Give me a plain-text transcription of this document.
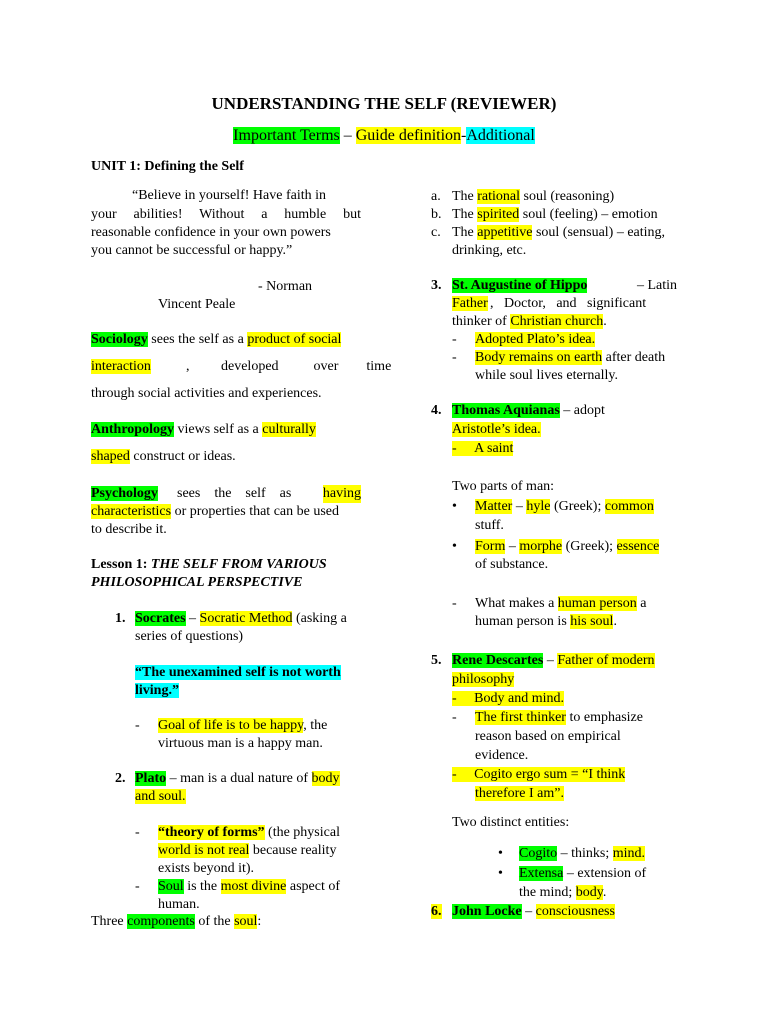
UNDERSTANDING THE SELF (REVIEWER)
Important Terms – Guide definition-Additional
UNIT 1: Defining the Self
“Believe in yourself! Have faith in
your abilities! Without a humble but
reasonable confidence in your own powers
you cannot be successful or happy.”
- Norman
Vincent Peale
Sociology sees the self as a product of social
interaction	,         developed          over        time
through social activities and experiences.
Anthropology views self as a culturally
shaped construct or ideas.
Psychology sees    the    self    as having
characteristics or properties that can be used
to describe it.
Lesson 1: THE SELF FROM VARIOUS
PHILOSOPHICAL PERSPECTIVE
1. Socrates – Socratic Method (asking a
series of questions)
“The unexamined self is not worth
living.”
- Goal of life is to be happy, the
virtuous man is a happy man.
2. Plato – man is a dual nature of body
and soul.
- “theory of forms” (the physical
world is not real because reality
exists beyond it).
- Soul is the most divine aspect of
human.
Three components of the soul:
a. The rational soul (reasoning)
b. The spirited soul (feeling) – emotion
c. The appetitive soul (sensual) – eating,
drinking, etc.
3. St. Augustine of Hippo	– Latin
Father ,   Doctor,   and   significant
thinker of Christian church.
- Adopted Plato’s idea.
- Body remains on earth after death
while soul lives eternally.
4. Thomas Aquianas – adopt
Aristotle’s idea.
-     A saint
Two parts of man:
• Matter – hyle (Greek); common
stuff.
• Form – morphe (Greek); essence
of substance.
- What makes a human person a
human person is his soul.
5. Rene Descartes – Father of modern
philosophy
-     Body and mind.
- The first thinker to emphasize
reason based on empirical
evidence.
-     Cogito ergo sum = “I think
therefore I am”.
Two distinct entities:
• Cogito – thinks; mind.
• Extensa – extension of
the mind; body.
6. John Locke – consciousness
